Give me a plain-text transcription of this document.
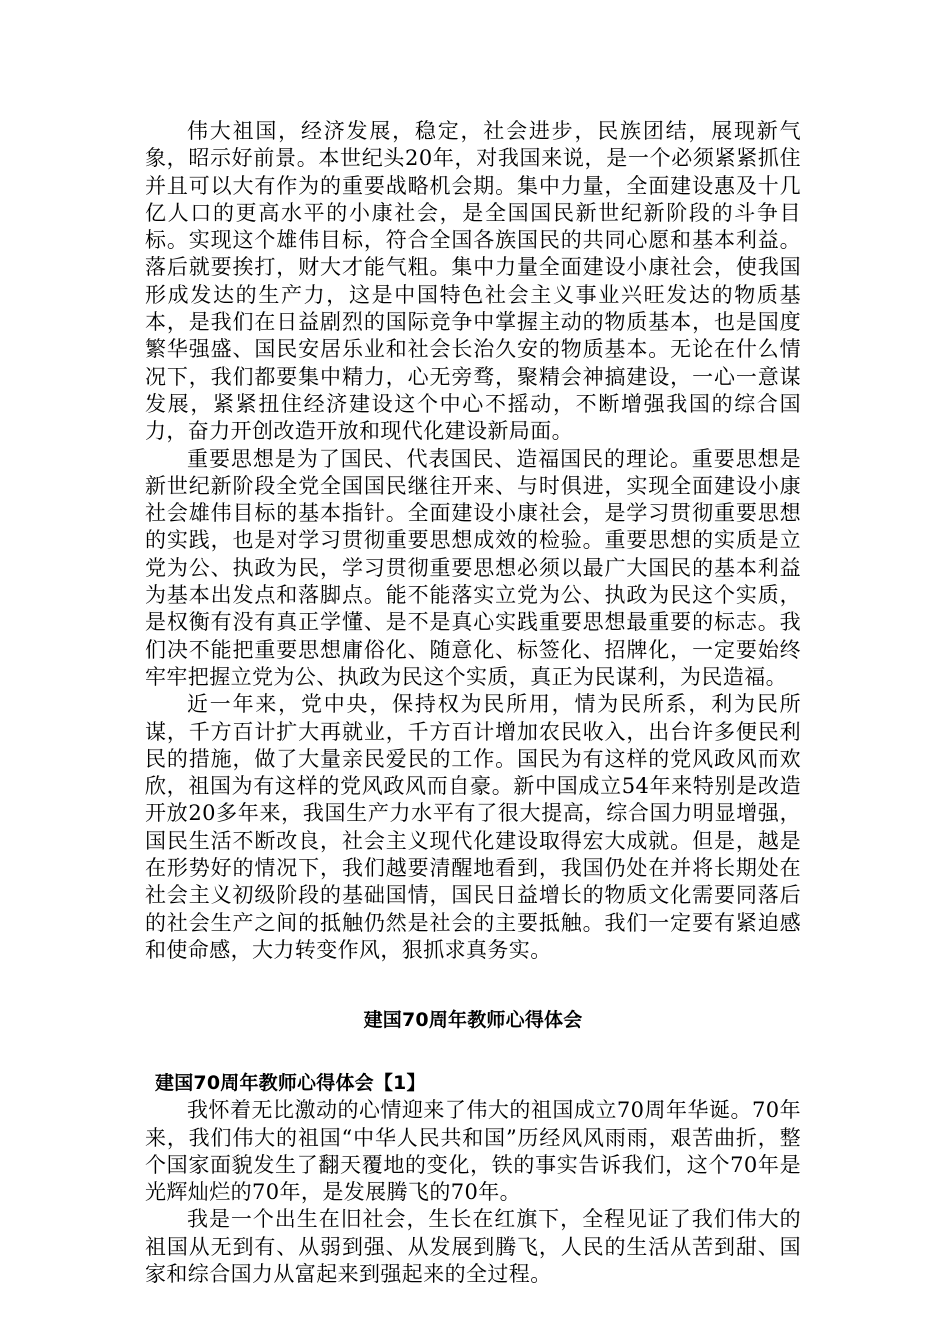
伟大祖国，经济发展，稳定，社会进步，民族团结，展现新气象，昭示好前景。本世纪头20年，对我国来说，是一个必须紧紧抓住并且可以大有作为的重要战略机会期。集中力量，全面建设惠及十几亿人口的更高水平的小康社会，是全国国民新世纪新阶段的斗争目标。实现这个雄伟目标，符合全国各族国民的共同心愿和基本利益。落后就要挨打，财大才能气粗。集中力量全面建设小康社会，使我国形成发达的生产力，这是中国特色社会主义事业兴旺发达的物质基本，是我们在日益剧烈的国际竞争中掌握主动的物质基本，也是国度繁华强盛、国民安居乐业和社会长治久安的物质基本。无论在什么情况下，我们都要集中精力，心无旁骛，聚精会神搞建设，一心一意谋发展，紧紧扭住经济建设这个中心不摇动，不断增强我国的综合国力，奋力开创改造开放和现代化建设新局面。

重要思想是为了国民、代表国民、造福国民的理论。重要思想是新世纪新阶段全党全国国民继往开来、与时俱进，实现全面建设小康社会雄伟目标的基本指针。全面建设小康社会，是学习贯彻重要思想的实践，也是对学习贯彻重要思想成效的检验。重要思想的实质是立党为公、执政为民，学习贯彻重要思想必须以最广大国民的基本利益为基本出发点和落脚点。能不能落实立党为公、执政为民这个实质，是权衡有没有真正学懂、是不是真心实践重要思想最重要的标志。我们决不能把重要思想庸俗化、随意化、标签化、招牌化，一定要始终牢牢把握立党为公、执政为民这个实质，真正为民谋利，为民造福。

近一年来，党中央，保持权为民所用，情为民所系，利为民所谋，千方百计扩大再就业，千方百计增加农民收入，出台许多便民利民的措施，做了大量亲民爱民的工作。国民为有这样的党风政风而欢欣，祖国为有这样的党风政风而自豪。新中国成立54年来特别是改造开放20多年来，我国生产力水平有了很大提高，综合国力明显增强，国民生活不断改良，社会主义现代化建设取得宏大成就。但是，越是在形势好的情况下，我们越要清醒地看到，我国仍处在并将长期处在社会主义初级阶段的基础国情，国民日益增长的物质文化需要同落后的社会生产之间的抵触仍然是社会的主要抵触。我们一定要有紧迫感和使命感，大力转变作风，狠抓求真务实。

建国70周年教师心得体会
建国70周年教师心得体会【1】

我怀着无比激动的心情迎来了伟大的祖国成立70周年华诞。70年来，我们伟大的祖国“中华人民共和国”历经风风雨雨，艰苦曲折，整个国家面貌发生了翻天覆地的变化，铁的事实告诉我们，这个70年是光辉灿烂的70年，是发展腾飞的70年。

我是一个出生在旧社会，生长在红旗下，全程见证了我们伟大的祖国从无到有、从弱到强、从发展到腾飞，人民的生活从苦到甜、国家和综合国力从富起来到强起来的全过程。
